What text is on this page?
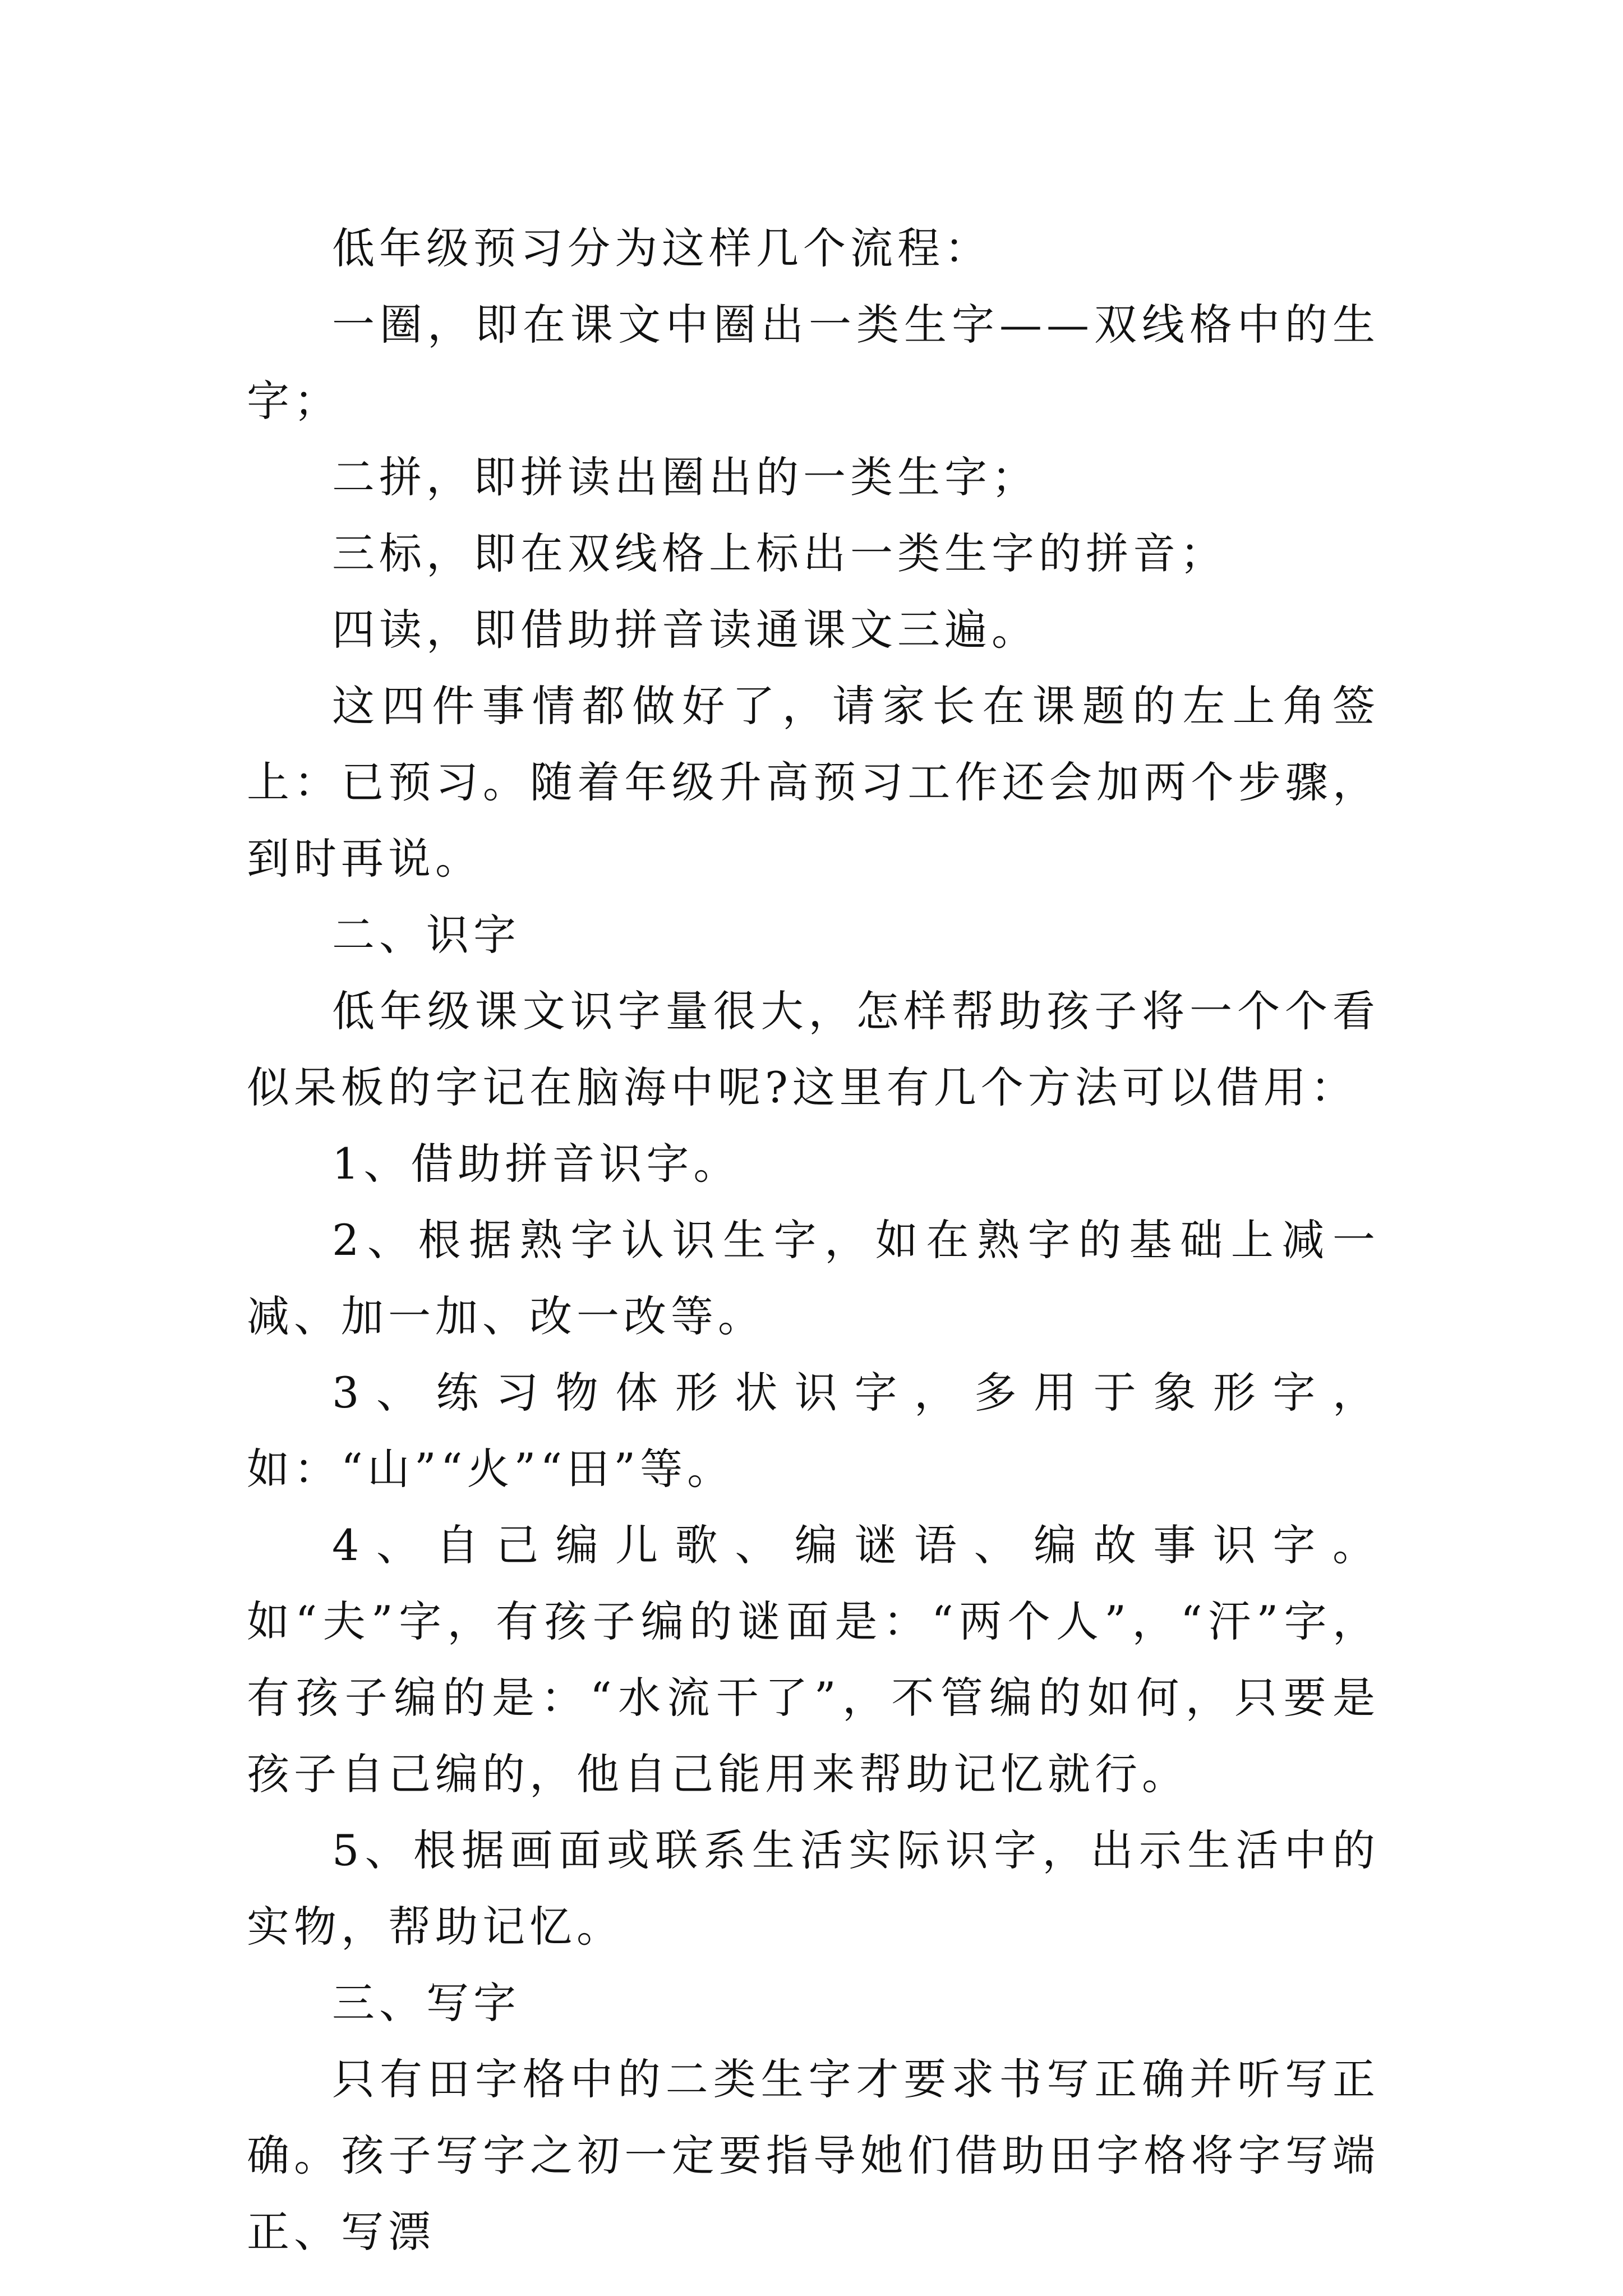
低年级预习分为这样几个流程：

一圈，即在课文中圈出一类生字——双线格中的生字；

二拼，即拼读出圈出的一类生字；

三标，即在双线格上标出一类生字的拼音；

四读，即借助拼音读通课文三遍。

这四件事情都做好了，请家长在课题的左上角签上：已预习。随着年级升高预习工作还会加两个步骤，到时再说。

二、识字

低年级课文识字量很大，怎样帮助孩子将一个个看似呆板的字记在脑海中呢?这里有几个方法可以借用：

1、借助拼音识字。

2、根据熟字认识生字，如在熟字的基础上减一减、加一加、改一改等。

3、练习物体形状识字，多用于象形字，如：“山”“火”“田”等。

4、自己编儿歌、编谜语、编故事识字。如“夫”字，有孩子编的谜面是：“两个人”，“汗”字，有孩子编的是：“水流干了”，不管编的如何，只要是孩子自己编的，他自己能用来帮助记忆就行。

5、根据画面或联系生活实际识字，出示生活中的实物，帮助记忆。

三、写字

只有田字格中的二类生字才要求书写正确并听写正确。孩子写字之初一定要指导她们借助田字格将字写端正、写漂
